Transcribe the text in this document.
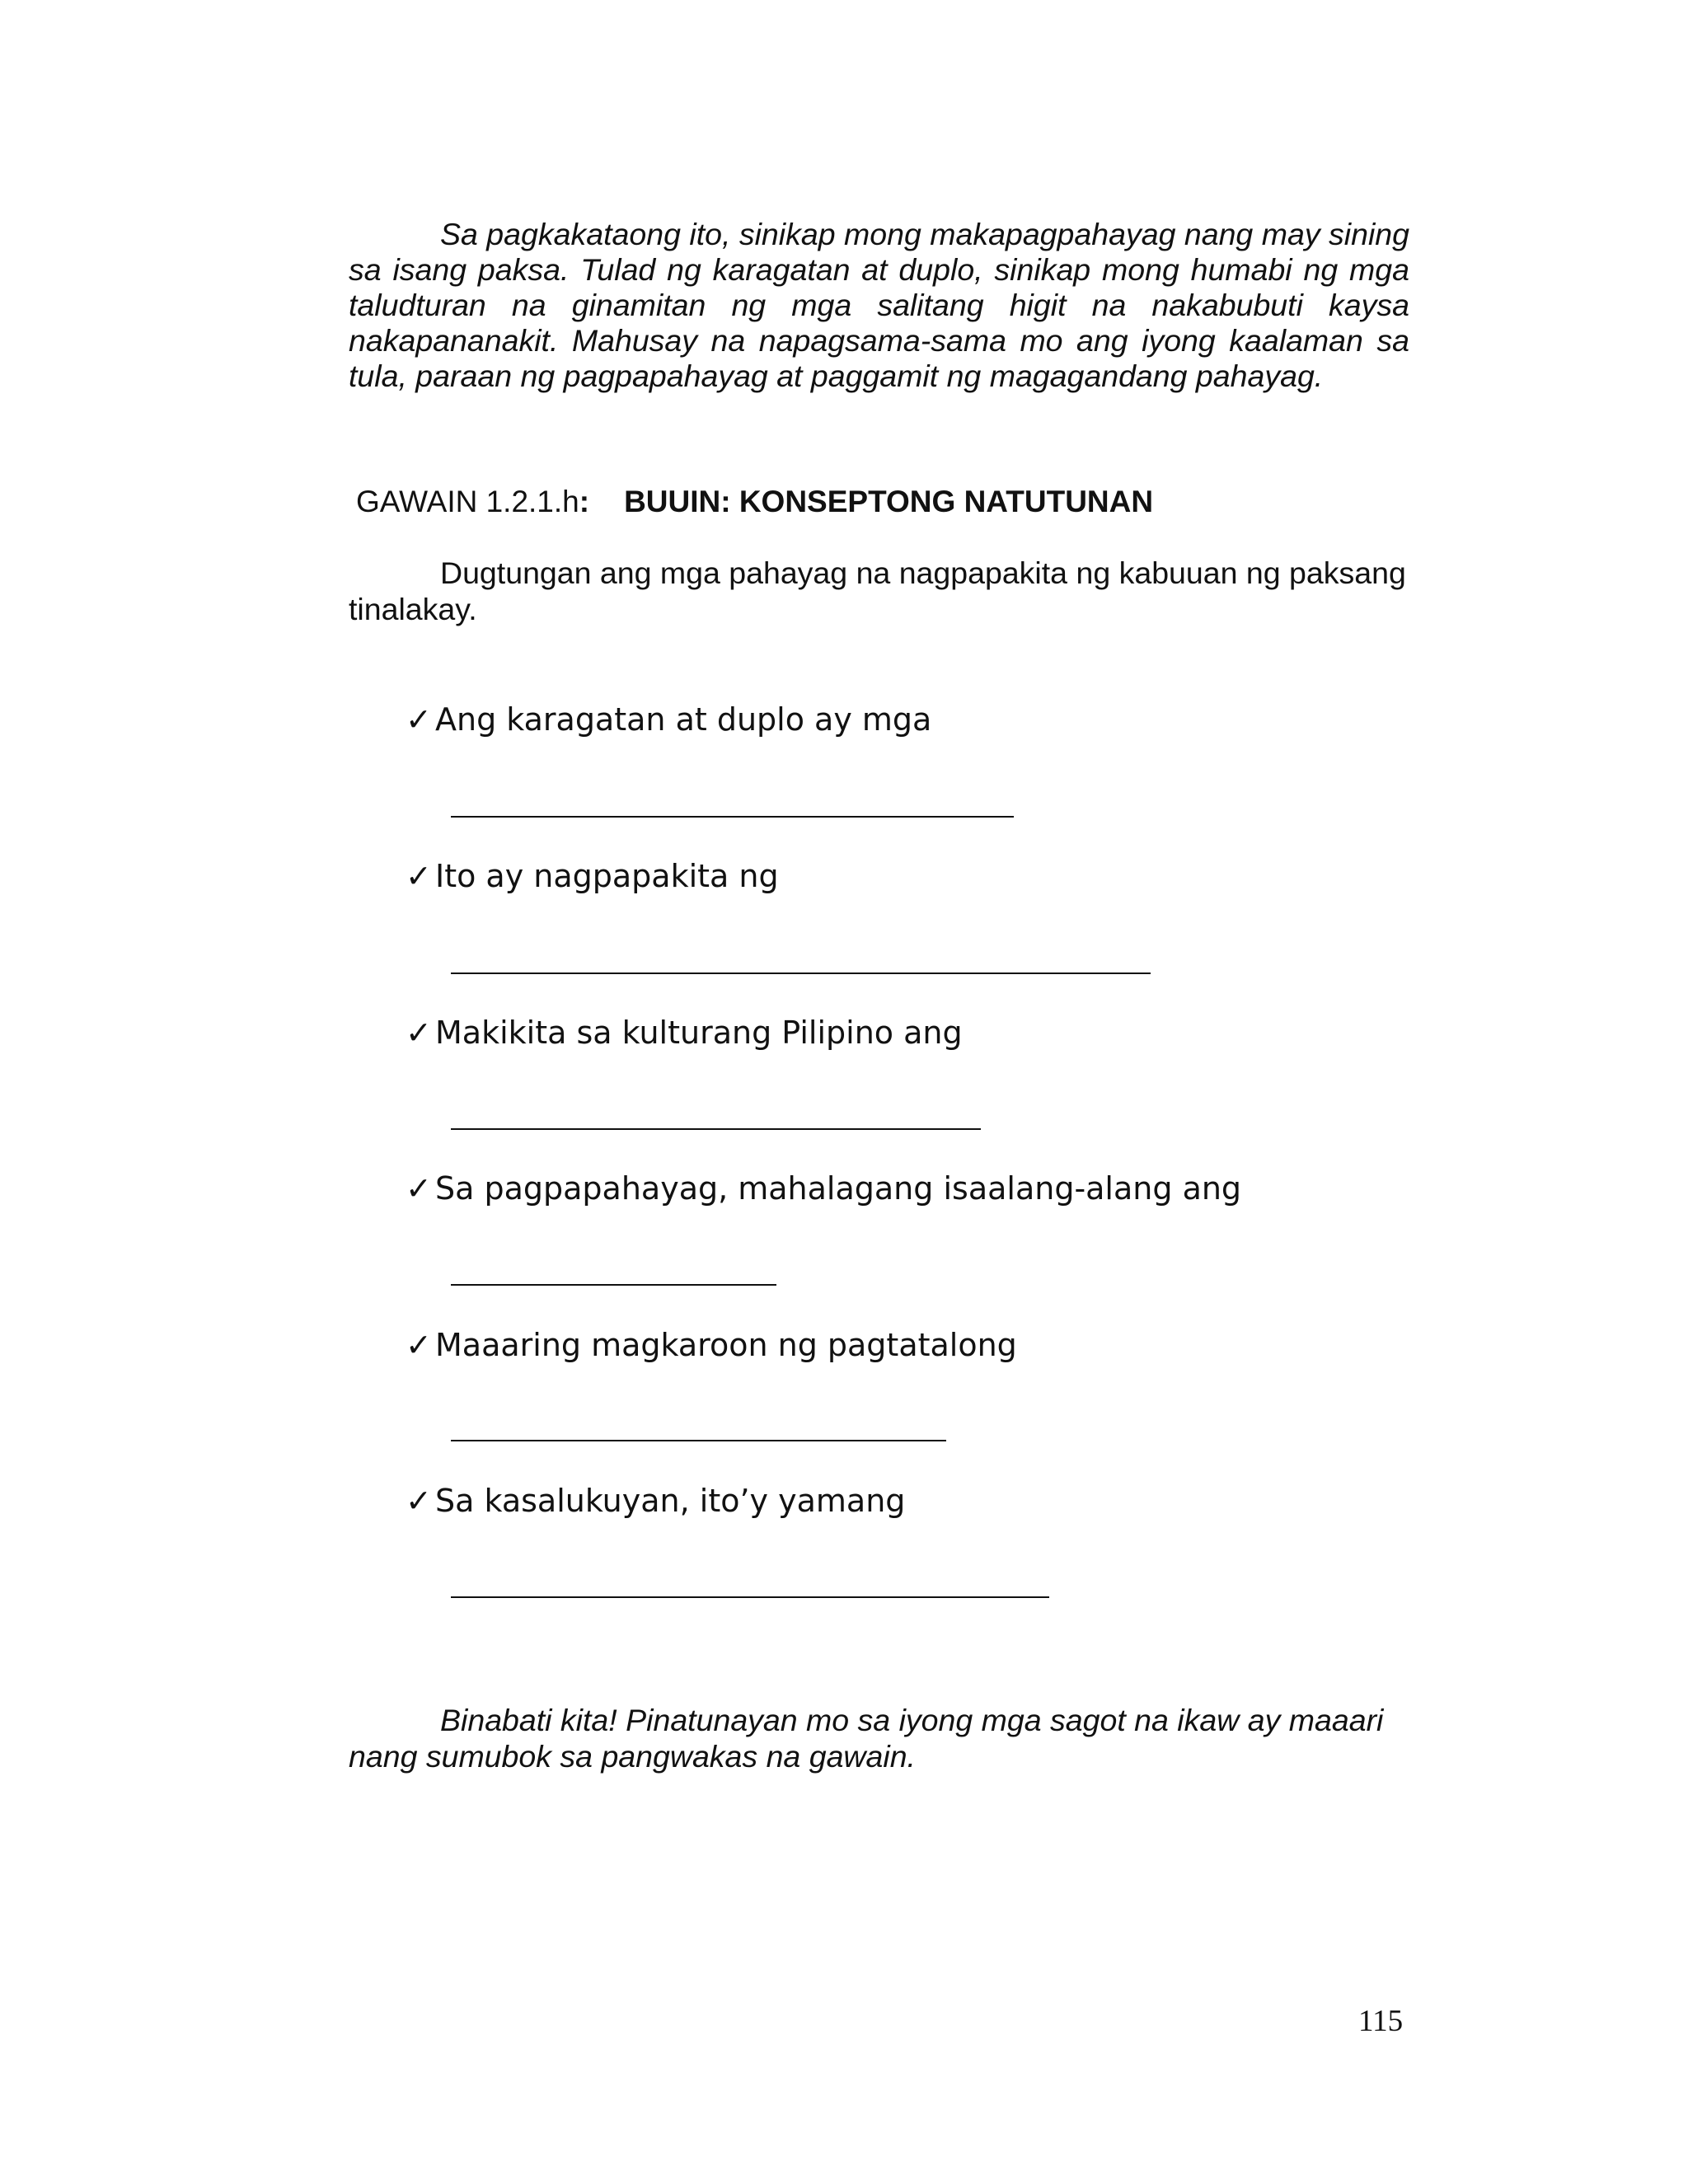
Sa pagkakataong ito, sinikap mong makapagpahayag nang may sining sa isang paksa. Tulad ng karagatan at duplo, sinikap mong humabi ng mga taludturan na ginamitan ng mga salitang higit na nakabubuti kaysa nakapananakit. Mahusay na napagsama-sama mo ang iyong kaalaman sa tula, paraan ng pagpapahayag at paggamit ng magagandang pahayag.

GAWAIN 1.2.1.h: BUUIN: KONSEPTONG NATUTUNAN

Dugtungan ang mga pahayag na nagpapakita ng kabuuan ng paksang tinalakay.

✓ Ang karagatan at duplo ay mga
✓ Ito ay nagpapakita ng
✓ Makikita sa kulturang Pilipino ang
✓ Sa pagpapahayag, mahalagang isaalang-alang ang
✓ Maaaring magkaroon ng pagtatalong
✓ Sa kasalukuyan, ito’y yamang

Binabati kita! Pinatunayan mo sa iyong mga sagot na ikaw ay maaari nang sumubok sa pangwakas na gawain.

115
